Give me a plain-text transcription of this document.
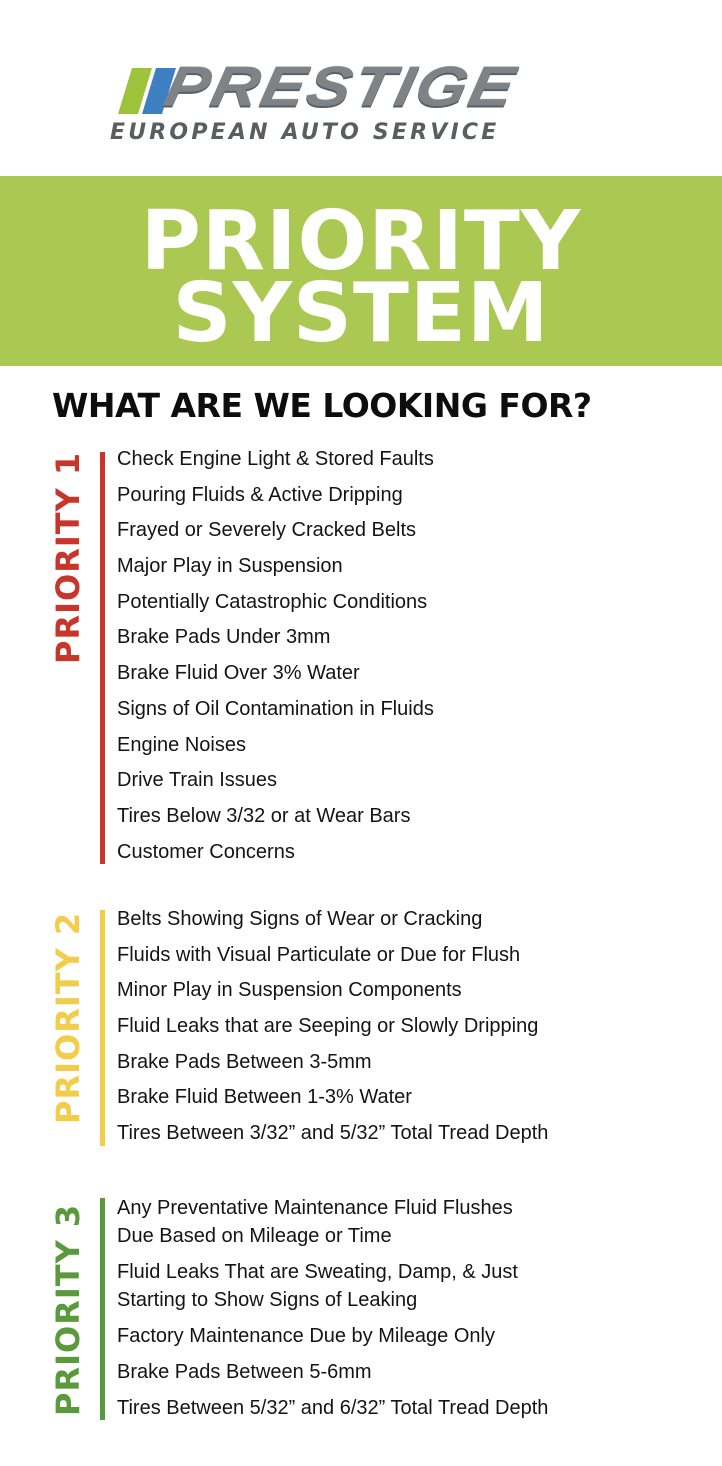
PRESTIGE
EUROPEAN AUTO SERVICE
PRIORITY
SYSTEM
WHAT ARE WE LOOKING FOR?
PRIORITY 1 Check Engine Light & Stored Faults
Pouring Fluids & Active Dripping
Frayed or Severely Cracked Belts
Major Play in Suspension
Potentially Catastrophic Conditions
Brake Pads Under 3mm
Brake Fluid Over 3% Water
Signs of Oil Contamination in Fluids
Engine Noises
Drive Train Issues
Tires Below 3/32 or at Wear Bars
Customer Concerns
PRIORITY 2 Belts Showing Signs of Wear or Cracking
Fluids with Visual Particulate or Due for Flush
Minor Play in Suspension Components
Fluid Leaks that are Seeping or Slowly Dripping
Brake Pads Between 3-5mm
Brake Fluid Between 1-3% Water
Tires Between 3/32” and 5/32” Total Tread Depth
PRIORITY 3 Any Preventative Maintenance Fluid Flushes
Due Based on Mileage or Time
Fluid Leaks That are Sweating, Damp, & Just
Starting to Show Signs of Leaking
Factory Maintenance Due by Mileage Only
Brake Pads Between 5-6mm
Tires Between 5/32” and 6/32” Total Tread Depth
